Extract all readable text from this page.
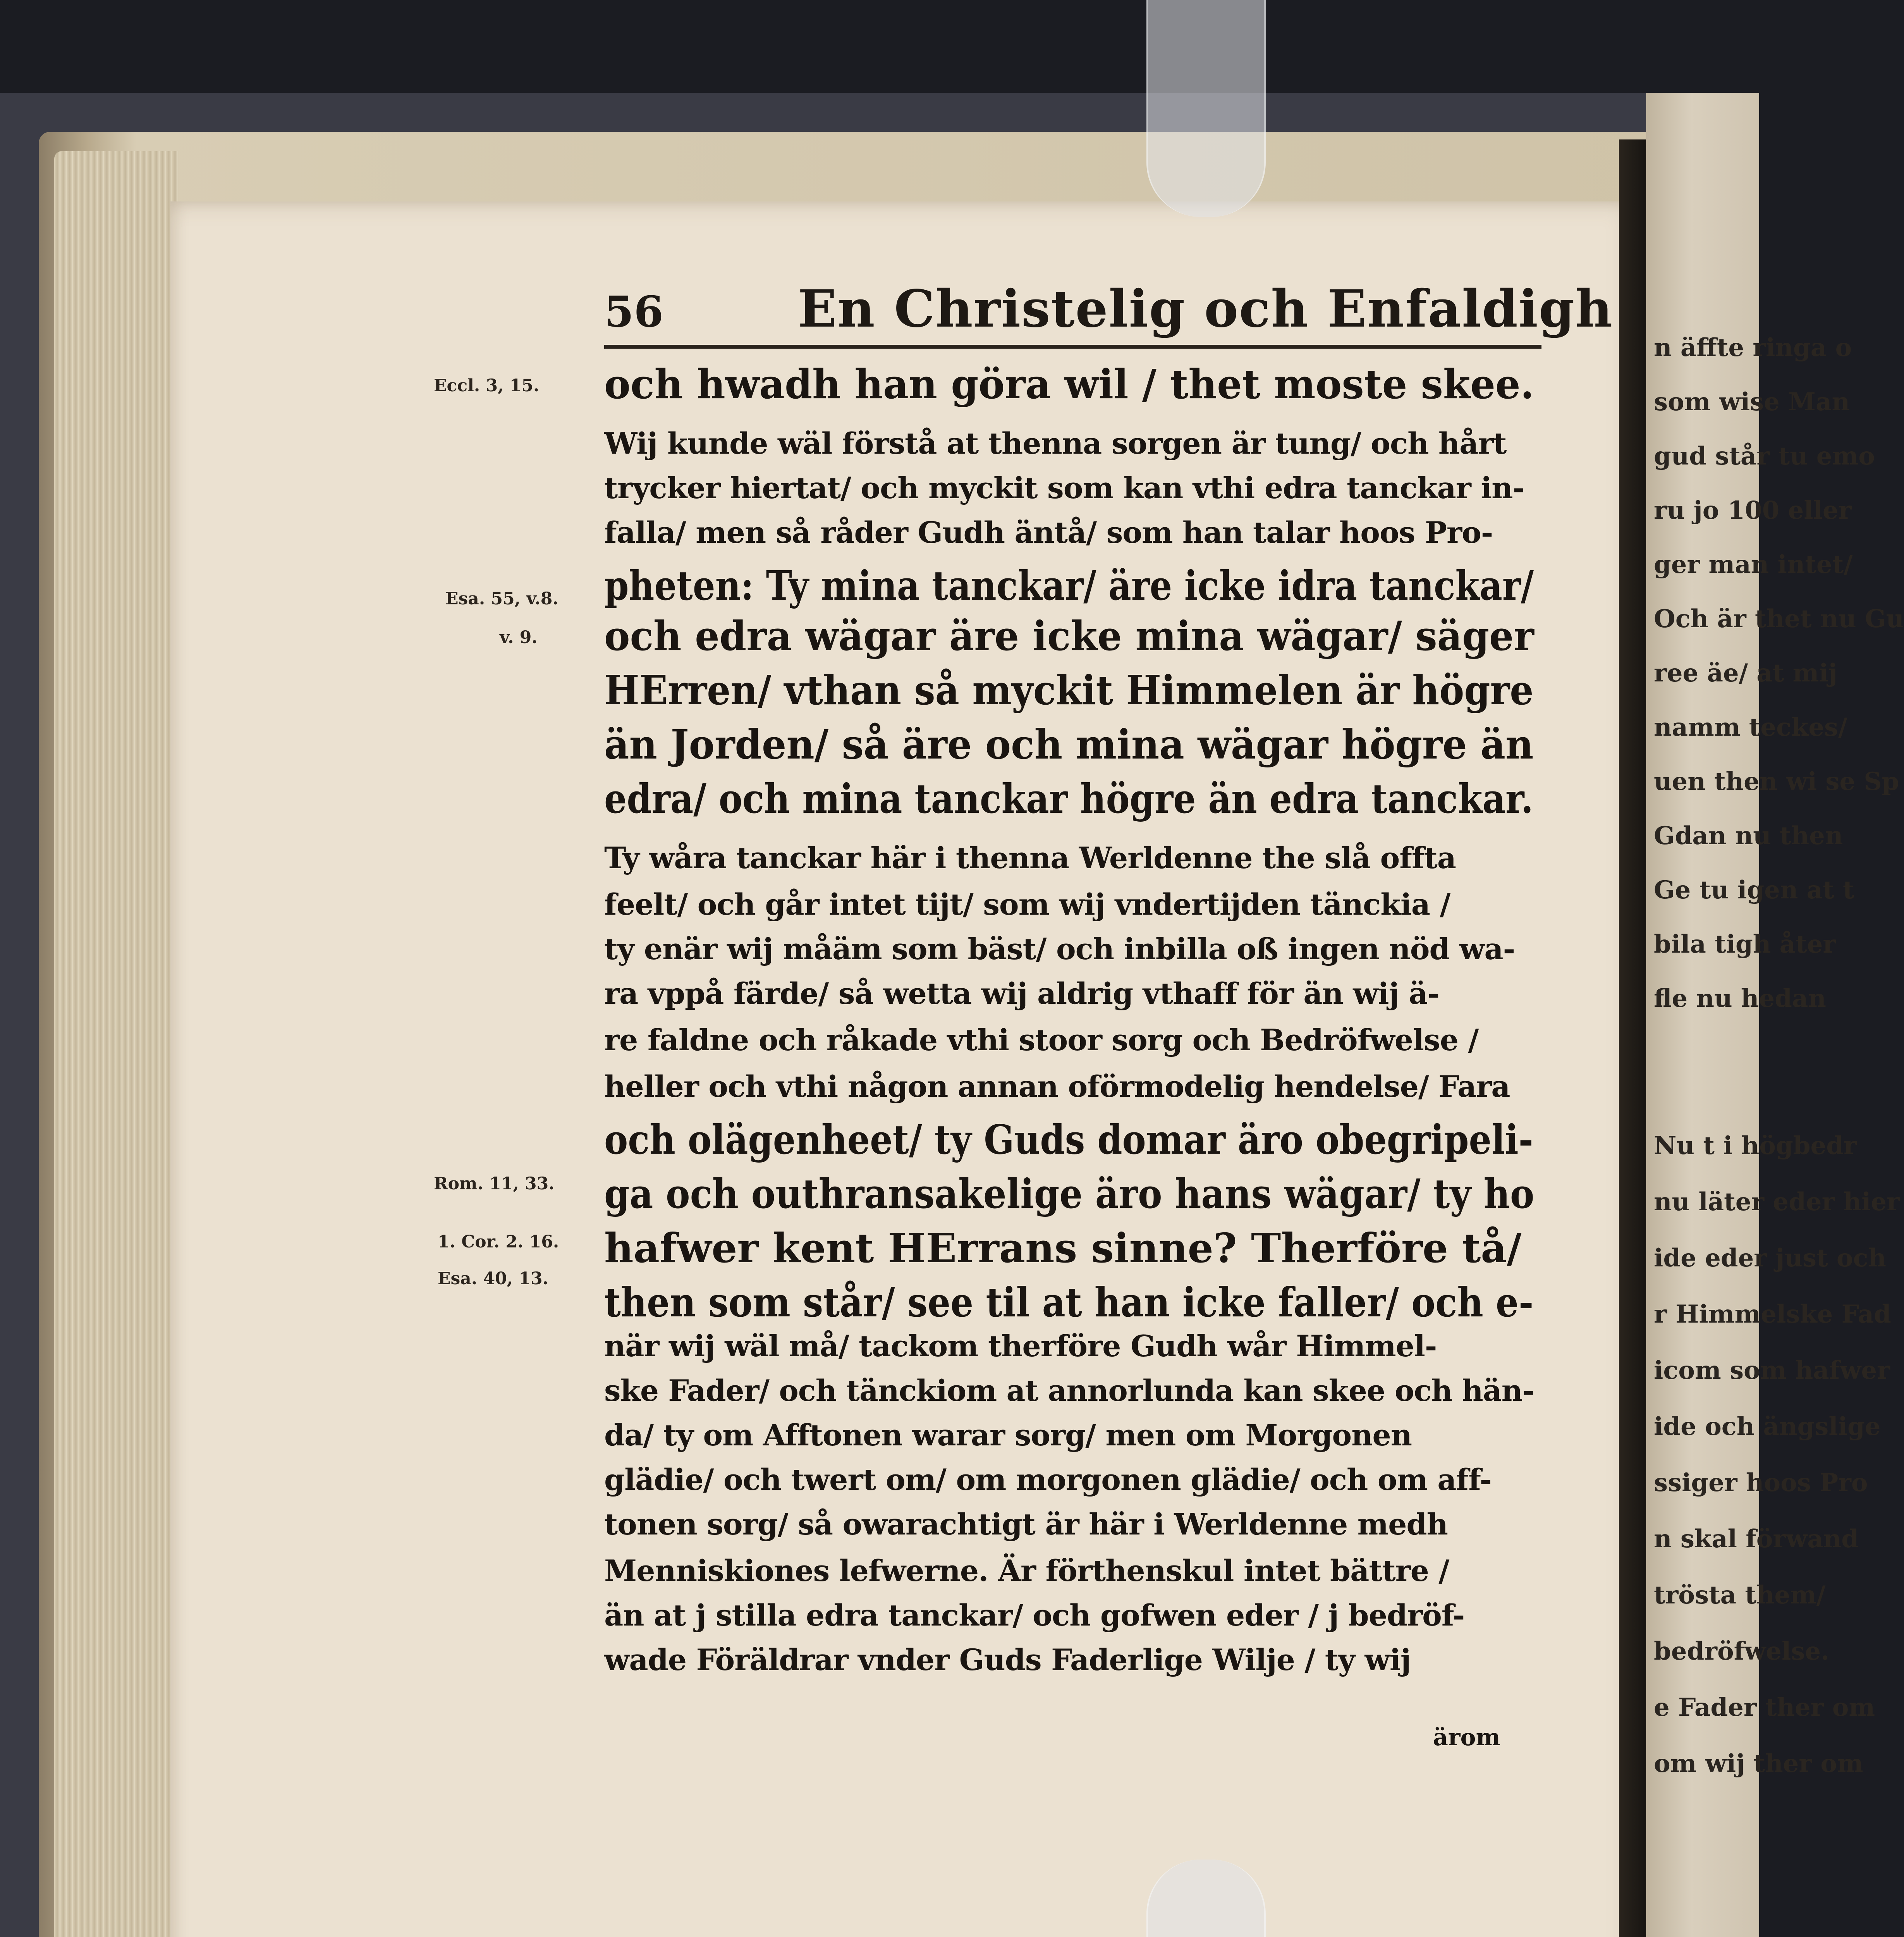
n äffte ringa o
som wise Man
gud står tu emo
ru jo 100 eller
ger man intet/
Och är thet nu Gu
ree äe/ at mij
namm teckes/
uen then wi se Sp
Gdan nu then
Ge tu igen at t
bila tigh åter
fle nu hedan
Nu t i högbedr
nu läter eder hier
ide eder just och
r Himmelske Fad
icom som hafwer
ide och ängslige
ssiger hoos Pro
n skal förwand
trösta them/
bedröfwelse.
e Fader ther om
om wij ther om
56	En Christelig och Enfaldigh
Eccl. 3, 15.
Esa. 55, v.8.
v. 9.
Rom. 11, 33.
1. Cor. 2. 16.
Esa. 40, 13.
och hwadh han göra wil / thet moste skee.
Wij kunde wäl förstå at thenna sorgen är tung/ och hårt
trycker hiertat/ och myckit som kan vthi edra tanckar in-
falla/ men så råder Gudh äntå/ som han talar hoos Pro-
pheten: Ty mina tanckar/ äre icke idra tanckar/
och edra wägar äre icke mina wägar/ säger
HErren/ vthan så myckit Himmelen är högre
än Jorden/ så äre och mina wägar högre än
edra/ och mina tanckar högre än edra tanckar.
Ty wåra tanckar här i thenna Werldenne the slå offta
feelt/ och går intet tijt/ som wij vndertijden tänckia /
ty enär wij måäm som bäst/ och inbilla oß ingen nöd wa-
ra vppå färde/ så wetta wij aldrig vthaff för än wij ä-
re faldne och råkade vthi stoor sorg och Bedröfwelse /
heller och vthi någon annan oförmodelig hendelse/ Fara
och olägenheet/ ty Guds domar äro obegripeli-
ga och outhransakelige äro hans wägar/ ty ho
hafwer kent HErrans sinne? Therföre tå/
then som står/ see til at han icke faller/ och e-
när wij wäl må/ tackom therföre Gudh wår Himmel-
ske Fader/ och tänckiom at annorlunda kan skee och hän-
da/ ty om Afftonen warar sorg/ men om Morgonen
glädie/ och twert om/ om morgonen glädie/ och om aff-
tonen sorg/ så owarachtigt är här i Werldenne medh
Menniskiones lefwerne. Är förthenskul intet bättre /
än at j stilla edra tanckar/ och gofwen eder / j bedröf-
wade Föräldrar vnder Guds Faderlige Wilje / ty wij
ärom
